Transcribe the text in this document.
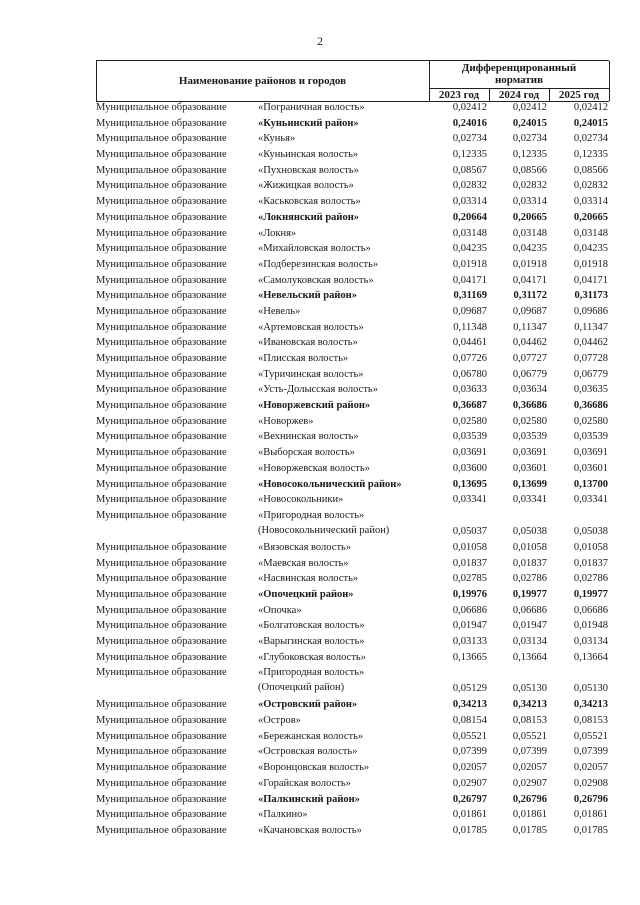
2
Наименование районов и городов
Дифференцированный
норматив
2023 год	2024 год	2025 год
Муниципальное образование	«Пограничная волость»	0,02412	0,02412	0,02412
Муниципальное образование	«Куньинский район»	0,24016	0,24015	0,24015
Муниципальное образование	«Кунья»	0,02734	0,02734	0,02734
Муниципальное образование	«Куньинская волость»	0,12335	0,12335	0,12335
Муниципальное образование	«Пухновская волость»	0,08567	0,08566	0,08566
Муниципальное образование	«Жижицкая волость»	0,02832	0,02832	0,02832
Муниципальное образование	«Каськовская волость»	0,03314	0,03314	0,03314
Муниципальное образование	«Локнянский район»	0,20664	0,20665	0,20665
Муниципальное образование	«Локня»	0,03148	0,03148	0,03148
Муниципальное образование	«Михайловская волость»	0,04235	0,04235	0,04235
Муниципальное образование	«Подберезинская волость»	0,01918	0,01918	0,01918
Муниципальное образование	«Самолуковская волость»	0,04171	0,04171	0,04171
Муниципальное образование	«Невельский район»	0,31169	0,31172	0,31173
Муниципальное образование	«Невель»	0,09687	0,09687	0,09686
Муниципальное образование	«Артемовская волость»	0,11348	0,11347	0,11347
Муниципальное образование	«Ивановская волость»	0,04461	0,04462	0,04462
Муниципальное образование	«Плисская волость»	0,07726	0,07727	0,07728
Муниципальное образование	«Туричинская волость»	0,06780	0,06779	0,06779
Муниципальное образование	«Усть-Долысская волость»	0,03633	0,03634	0,03635
Муниципальное образование	«Новоржевский район»	0,36687	0,36686	0,36686
Муниципальное образование	«Новоржев»	0,02580	0,02580	0,02580
Муниципальное образование	«Вехнинская волость»	0,03539	0,03539	0,03539
Муниципальное образование	«Выборская волость»	0,03691	0,03691	0,03691
Муниципальное образование	«Новоржевская волость»	0,03600	0,03601	0,03601
Муниципальное образование	«Новосокольнический район»	0,13695	0,13699	0,13700
Муниципальное образование	«Новосокольники»	0,03341	0,03341	0,03341
Муниципальное образование	«Пригородная волость»
(Новосокольнический район)	0,05037	0,05038	0,05038
Муниципальное образование	«Вязовская волость»	0,01058	0,01058	0,01058
Муниципальное образование	«Маевская волость»	0,01837	0,01837	0,01837
Муниципальное образование	«Насвинская волость»	0,02785	0,02786	0,02786
Муниципальное образование	«Опочецкий район»	0,19976	0,19977	0,19977
Муниципальное образование	«Опочка»	0,06686	0,06686	0,06686
Муниципальное образование	«Болгатовская волость»	0,01947	0,01947	0,01948
Муниципальное образование	«Варыгинская волость»	0,03133	0,03134	0,03134
Муниципальное образование	«Глубоковская волость»	0,13665	0,13664	0,13664
Муниципальное образование	«Пригородная волость»
(Опочецкий район)	0,05129	0,05130	0,05130
Муниципальное образование	«Островский район»	0,34213	0,34213	0,34213
Муниципальное образование	«Остров»	0,08154	0,08153	0,08153
Муниципальное образование	«Бережанская волость»	0,05521	0,05521	0,05521
Муниципальное образование	«Островская волость»	0,07399	0,07399	0,07399
Муниципальное образование	«Воронцовская волость»	0,02057	0,02057	0,02057
Муниципальное образование	«Горайская волость»	0,02907	0,02907	0,02908
Муниципальное образование	«Палкинский район»	0,26797	0,26796	0,26796
Муниципальное образование	«Палкино»	0,01861	0,01861	0,01861
Муниципальное образование	«Качановская волость»	0,01785	0,01785	0,01785
